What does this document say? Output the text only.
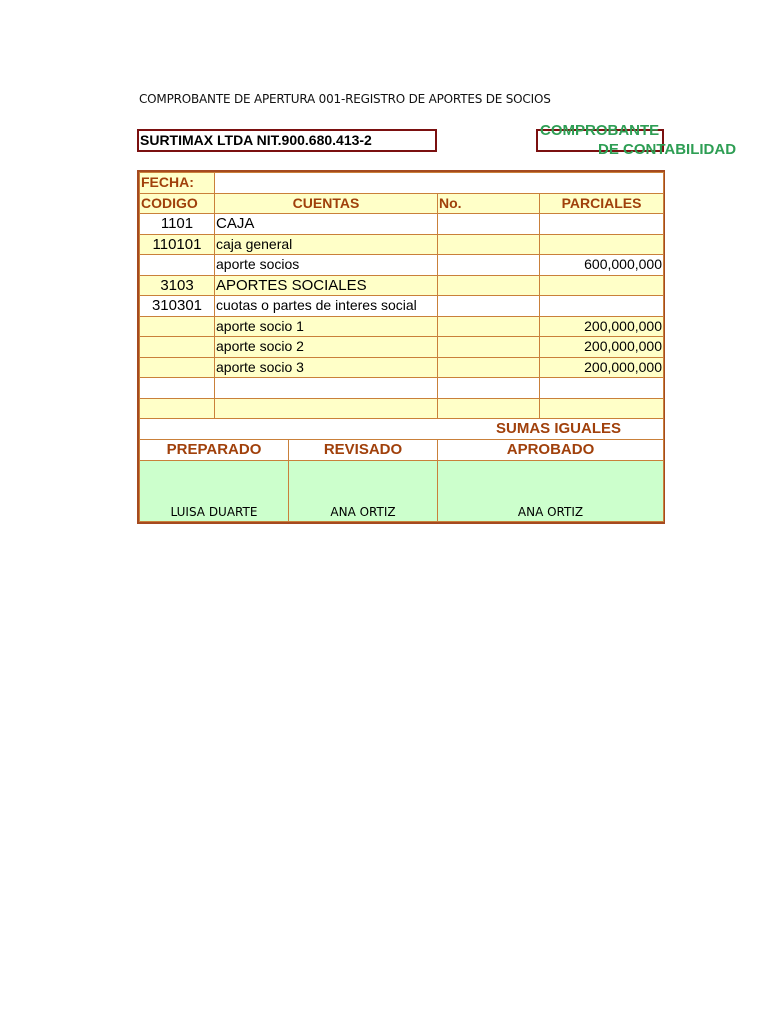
COMPROBANTE DE APERTURA 001-REGISTRO DE APORTES DE SOCIOS
SURTIMAX LTDA NIT.900.680.413-2
COMPROBANTE
DE CONTABILIDAD
FECHA:				
CODIGO	CUENTAS		No.	PARCIALES
1101	CAJA			
110101	caja general			
	aporte socios			600,000,000
3103	APORTES SOCIALES			
310301	cuotas o partes de interes social			
	aporte socio 1			200,000,000
	aporte socio 2			200,000,000
	aporte socio 3			200,000,000

SUMAS IGUALES				
PREPARADO		REVISADO	APROBADO	
LUISA DUARTE		ANA ORTIZ	ANA ORTIZ	
